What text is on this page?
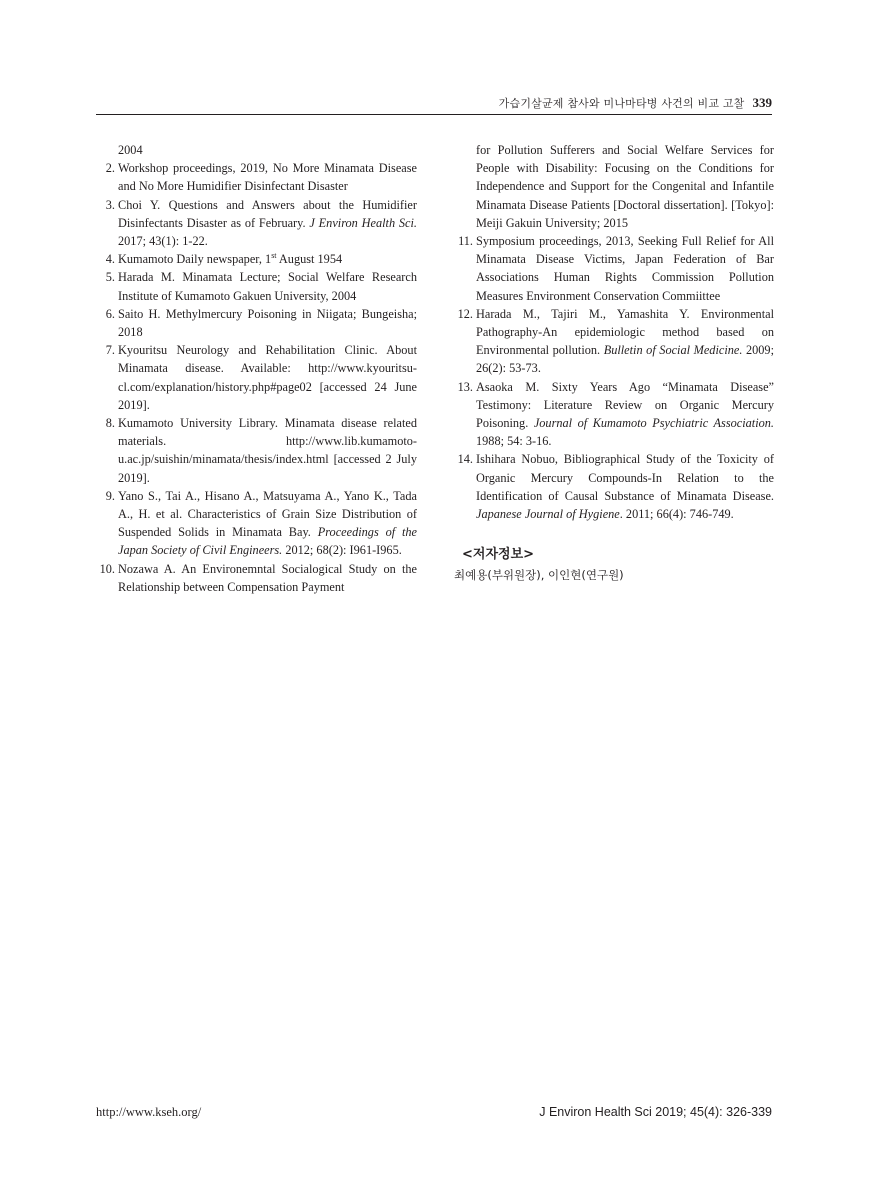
가습기살균제 참사와 미나마타병 사건의 비교 고찰 339
2004
2. Workshop proceedings, 2019, No More Minamata Disease and No More Humidifier Disinfectant Disaster
3. Choi Y. Questions and Answers about the Humidifier Disinfectants Disaster as of February. J Environ Health Sci. 2017; 43(1): 1-22.
4. Kumamoto Daily newspaper, 1st August 1954
5. Harada M. Minamata Lecture; Social Welfare Research Institute of Kumamoto Gakuen University, 2004
6. Saito H. Methylmercury Poisoning in Niigata; Bungeisha; 2018
7. Kyouritsu Neurology and Rehabilitation Clinic. About Minamata disease. Available: http://www.kyouritsu-cl.com/explanation/history.php#page02 [accessed 24 June 2019].
8. Kumamoto University Library. Minamata disease related materials. http://www.lib.kumamoto-u.ac.jp/suishin/minamata/thesis/index.html [accessed 2 July 2019].
9. Yano S., Tai A., Hisano A., Matsuyama A., Yano K., Tada A., H. et al. Characteristics of Grain Size Distribution of Suspended Solids in Minamata Bay. Proceedings of the Japan Society of Civil Engineers. 2012; 68(2): I961-I965.
10. Nozawa A. An Environemntal Socialogical Study on the Relationship between Compensation Payment
for Pollution Sufferers and Social Welfare Services for People with Disability: Focusing on the Conditions for Independence and Support for the Congenital and Infantile Minamata Disease Patients [Doctoral dissertation]. [Tokyo]: Meiji Gakuin University; 2015
11. Symposium proceedings, 2013, Seeking Full Relief for All Minamata Disease Victims, Japan Federation of Bar Associations Human Rights Commission Pollution Measures Environment Conservation Commiittee
12. Harada M., Tajiri M., Yamashita Y. Environmental Pathography-An epidemiologic method based on Environmental pollution. Bulletin of Social Medicine. 2009; 26(2): 53-73.
13. Asaoka M. Sixty Years Ago “Minamata Disease” Testimony: Literature Review on Organic Mercury Poisoning. Journal of Kumamoto Psychiatric Association. 1988; 54: 3-16.
14. Ishihara Nobuo, Bibliographical Study of the Toxicity of Organic Mercury Compounds-In Relation to the Identification of Causal Substance of Minamata Disease. Japanese Journal of Hygiene. 2011; 66(4): 746-749.
<저자정보>
최예용(부위원장), 이인현(연구원)
http://www.kseh.org/	J Environ Health Sci 2019; 45(4): 326-339
